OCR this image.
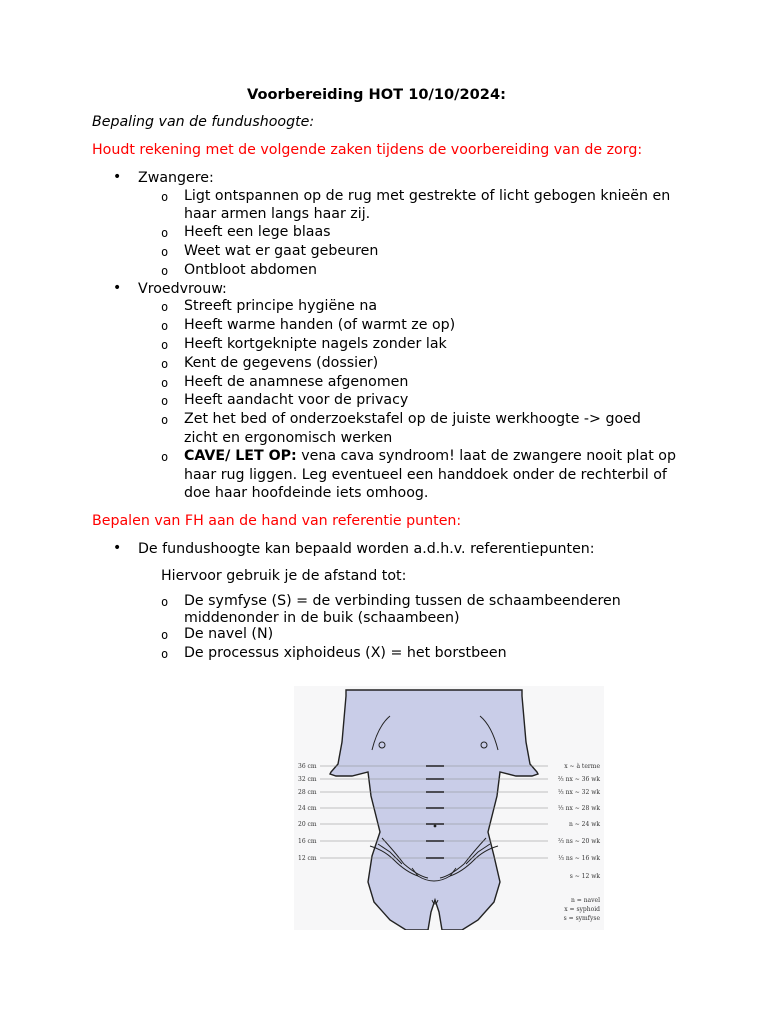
Voorbereiding HOT 10/10/2024:
Bepaling van de fundushoogte:
Houdt rekening met de volgende zaken tijdens de voorbereiding van de zorg:
• Zwangere:
o Ligt ontspannen op de rug met gestrekte of licht gebogen knieën en
haar armen langs haar zij.
o Heeft een lege blaas
o Weet wat er gaat gebeuren
o Ontbloot abdomen
• Vroedvrouw:
o Streeft principe hygiëne na
o Heeft warme handen (of warmt ze op)
o Heeft kortgeknipte nagels zonder lak
o Kent de gegevens (dossier)
o Heeft de anamnese afgenomen
o Heeft aandacht voor de privacy
o Zet het bed of onderzoekstafel op de juiste werkhoogte -> goed
zicht en ergonomisch werken
o CAVE/ LET OP: vena cava syndroom! laat de zwangere nooit plat op
haar rug liggen. Leg eventueel een handdoek onder de rechterbil of
doe haar hoofdeinde iets omhoog.
Bepalen van FH aan de hand van referentie punten:
• De fundushoogte kan bepaald worden a.d.h.v. referentiepunten:
Hiervoor gebruik je de afstand tot:
o De symfyse (S) = de verbinding tussen de schaambeenderen
middenonder in de buik (schaambeen)
o De navel (N)
o De processus xiphoideus (X) = het borstbeen
36 cm
32 cm
28 cm
24 cm
20 cm
16 cm
12 cm
x ~ à terme
⅔ nx ~ 36 wk
⅓ nx ~ 32 wk
⅓ nx ~ 28 wk
n ~ 24 wk
⅔ ns ~ 20 wk
⅓ ns ~ 16 wk
s ~ 12 wk
n = navel
x = syphoid
s = symfyse
